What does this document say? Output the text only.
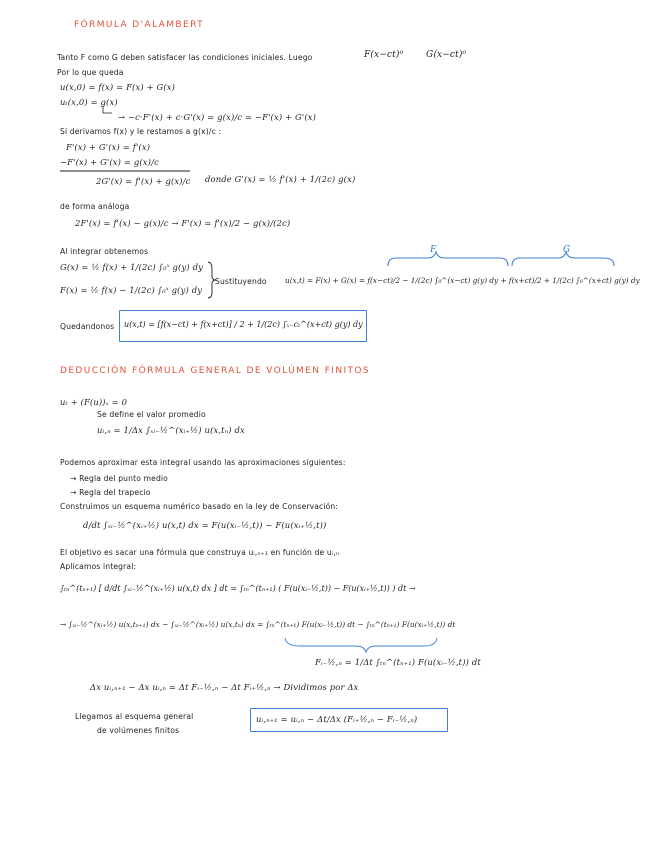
FÓRMULA D'ALAMBERT
Tanto F como G deben satisfacer las condiciones iniciales. Luego	F(x−ct)⁰	G(x−ct)⁰
Por lo que queda
u(x,0) = f(x) = F(x) + G(x)
uₜ(x,0) = g(x)
→ −c·F'(x) + c·G'(x) = g(x)/c = −F'(x) + G'(x)
Si derivamos f(x) y le restamos a g(x)/c :
F'(x) + G'(x) = f'(x)
−F'(x) + G'(x) = g(x)/c
2G'(x) = f'(x) + g(x)/c donde G'(x) = ½ f'(x) + 1/(2c) g(x)
de forma análoga
2F'(x) = f'(x) − g(x)/c → F'(x) = f'(x)/2 − g(x)/(2c)
Al integrar obtenemos
G(x) = ½ f(x) + 1/(2c) ∫₀ˣ g(y) dy
F(x) = ½ f(x) − 1/(2c) ∫₀ˣ g(y) dy
Sustituyendo u(x,t) = F(x) + G(x) = f(x−ct)/2 − 1/(2c) ∫₀^(x−ct) g(y) dy + f(x+ct)/2 + 1/(2c) ∫₀^(x+ct) g(y) dy
F	G
Quedandonos u(x,t) = [f(x−ct) + f(x+ct)] / 2 + 1/(2c) ∫ₓ₋cₜ^(x+ct) g(y) dy
DEDUCCIÓN FÓRMULA GENERAL DE VOLÚMEN FINITOS
uₜ + (F(u))ₓ = 0
Se define el valor promedio
uᵢ,ₙ = 1/Δx ∫ₓᵢ₋½^(xᵢ₊½) u(x,tₙ) dx
Podemos aproximar esta integral usando las aproximaciones siguientes:
→ Regla del punto medio
→ Regla del trapecio
Construimos un esquema numérico basado en la ley de Conservación:
d/dt ∫ₓᵢ₋½^(xᵢ₊½) u(x,t) dx = F(u(xᵢ₋½,t)) − F(u(xᵢ₊½,t))
El objetivo es sacar una fórmula que construya uᵢ,ₙ₊₁ en función de uᵢ,ₙ
Aplicamos integral:
∫ₜₙ^(tₙ₊₁) [ d/dt ∫ₓᵢ₋½^(xᵢ₊½) u(x,t) dx ] dt = ∫ₜₙ^(tₙ₊₁) ( F(u(xᵢ₋½,t)) − F(u(xᵢ₊½,t)) ) dt →
→ ∫ₓᵢ₋½^(xᵢ₊½) u(x,tₙ₊₁) dx − ∫ₓᵢ₋½^(xᵢ₊½) u(x,tₙ) dx = ∫ₜₙ^(tₙ₊₁) F(u(xᵢ₋½,t)) dt − ∫ₜₙ^(tₙ₊₁) F(u(xᵢ₊½,t)) dt
Fᵢ₋½,ₙ = 1/Δt ∫ₜₙ^(tₙ₊₁) F(u(xᵢ₋½,t)) dt
Δx uᵢ,ₙ₊₁ − Δx uᵢ,ₙ = Δt Fᵢ₋½,ₙ − Δt Fᵢ₊½,ₙ → Dividimos por Δx
Llegamos al esquema general
de volúmenes finitos
uᵢ,ₙ₊₁ = uᵢ,ₙ − Δt/Δx (Fᵢ₊½,ₙ − Fᵢ₋½,ₙ)
